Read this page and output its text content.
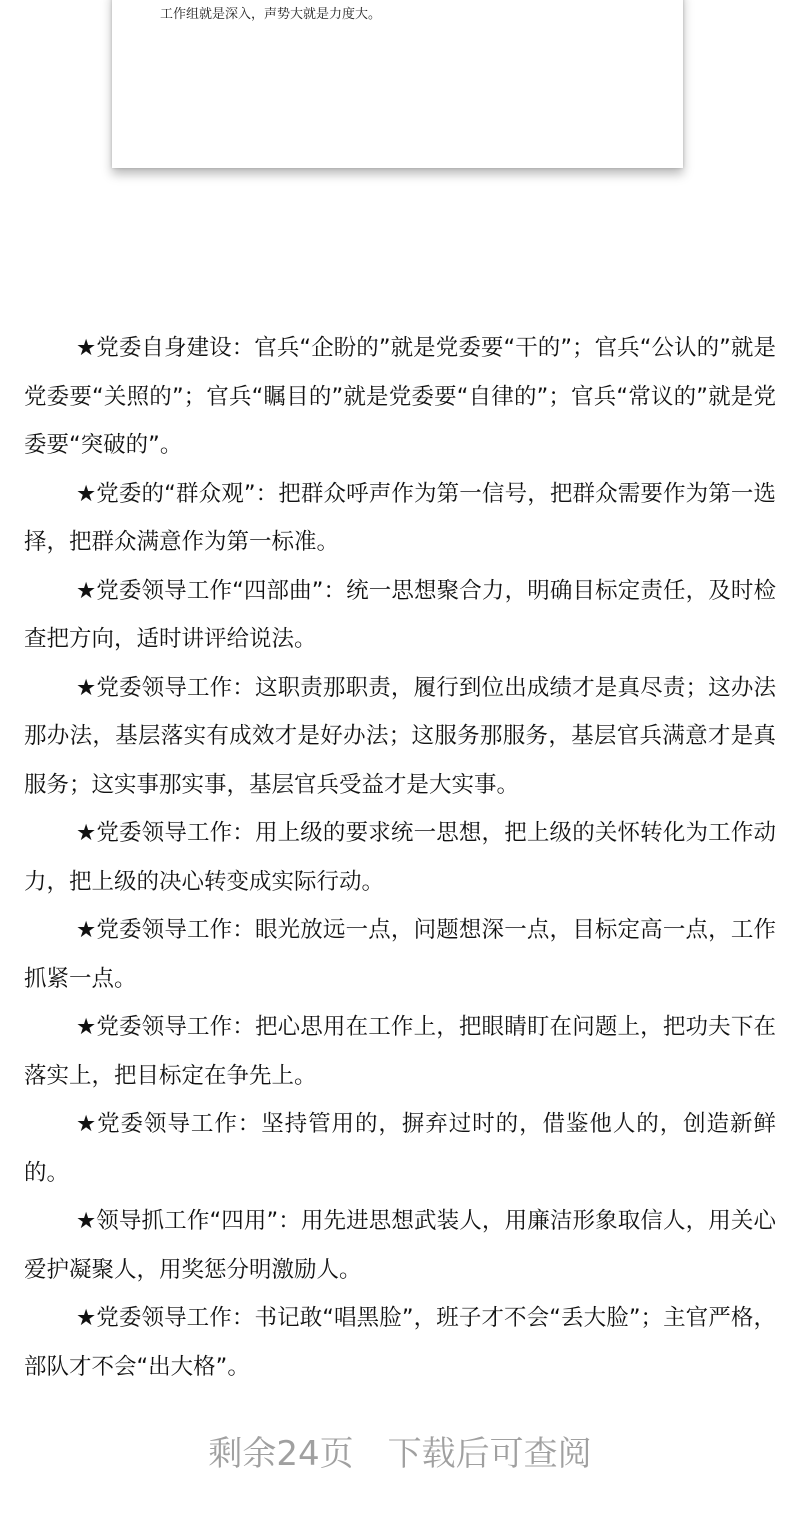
工作组就是深入，声势大就是力度大。

★党委自身建设：官兵“企盼的”就是党委要“干的”；官兵“公认的”就是党委要“关照的”；官兵“瞩目的”就是党委要“自律的”；官兵“常议的”就是党委要“突破的”。

★党委的“群众观”：把群众呼声作为第一信号，把群众需要作为第一选择，把群众满意作为第一标准。

★党委领导工作“四部曲”：统一思想聚合力，明确目标定责任，及时检查把方向，适时讲评给说法。

★党委领导工作：这职责那职责，履行到位出成绩才是真尽责；这办法那办法，基层落实有成效才是好办法；这服务那服务，基层官兵满意才是真服务；这实事那实事，基层官兵受益才是大实事。

★党委领导工作：用上级的要求统一思想，把上级的关怀转化为工作动力，把上级的决心转变成实际行动。

★党委领导工作：眼光放远一点，问题想深一点，目标定高一点，工作抓紧一点。

★党委领导工作：把心思用在工作上，把眼睛盯在问题上，把功夫下在落实上，把目标定在争先上。

★党委领导工作：坚持管用的，摒弃过时的，借鉴他人的，创造新鲜的。

★领导抓工作“四用”：用先进思想武装人，用廉洁形象取信人，用关心爱护凝聚人，用奖惩分明激励人。

★党委领导工作：书记敢“唱黑脸”，班子才不会“丢大脸”；主官严格，部队才不会“出大格”。

剩余24页　下载后可查阅
